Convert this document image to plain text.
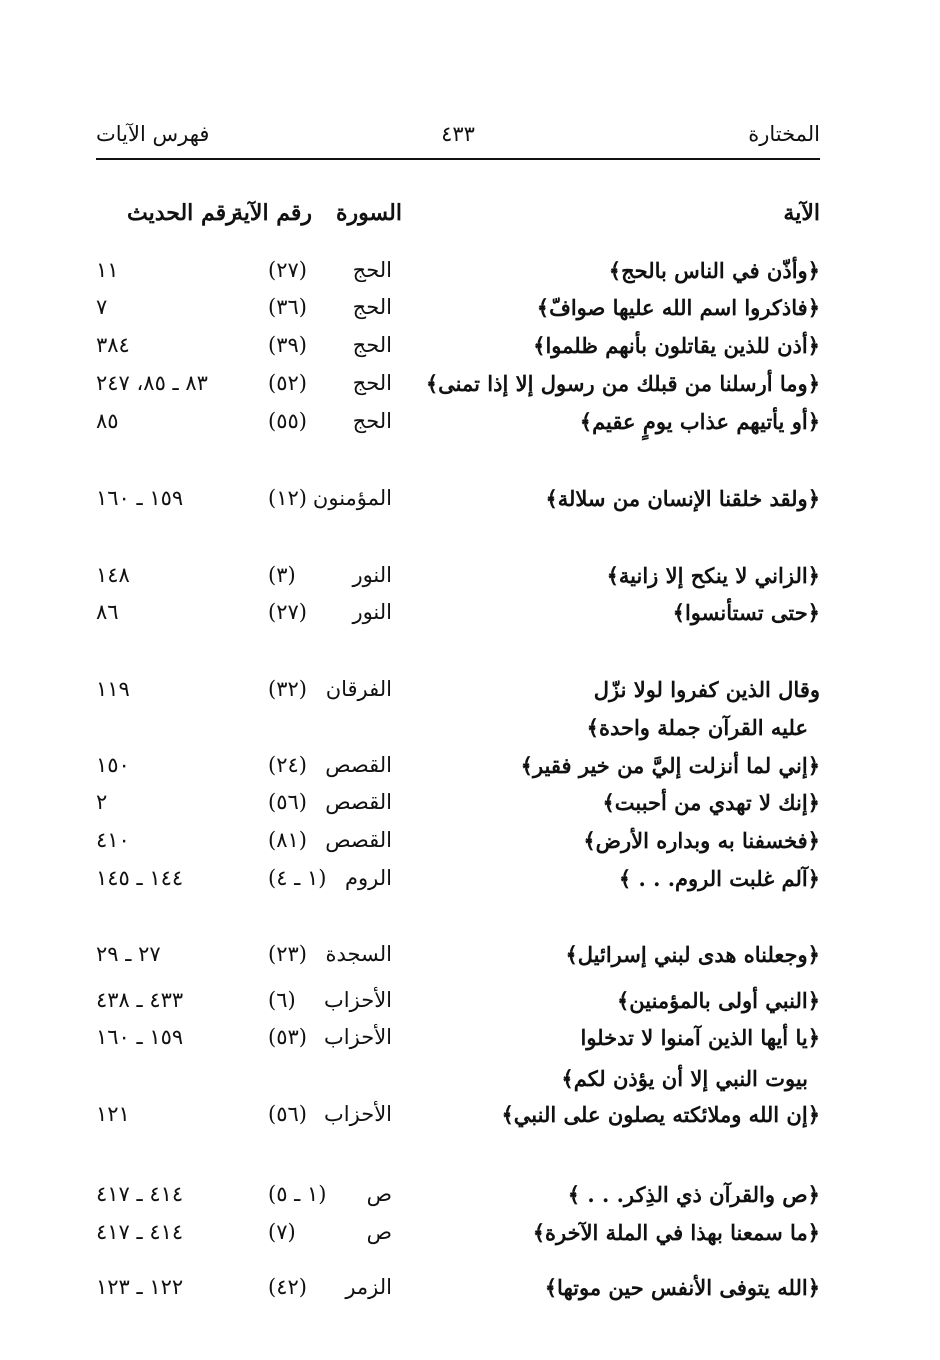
المختارة
٤٣٣
فهرس الآيات
الآية
السورة
رقم الآية
رقم الحديث
﴿وأذّن في الناس بالحج﴾
الحج
(٢٧)
١١
﴿فاذكروا اسم الله عليها صوافّ﴾
الحج
(٣٦)
٧
﴿أذن للذين يقاتلون بأنهم ظلموا﴾
الحج
(٣٩)
٣٨٤
﴿وما أرسلنا من قبلك من رسول إلا إذا تمنى﴾
الحج
(٥٢)
٨٣ ـ ٨٥، ٢٤٧
﴿أو يأتيهم عذاب يومٍ عقيم﴾
الحج
(٥٥)
٨٥
﴿ولقد خلقنا الإنسان من سلالة﴾
المؤمنون
(١٢)
١٥٩ ـ ١٦٠
﴿الزاني لا ينكح إلا زانية﴾
النور
(٣)
١٤٨
﴿حتى تستأنسوا﴾
النور
(٢٧)
٨٦
وقال الذين كفروا لولا نزّل
الفرقان
(٣٢)
١١٩
عليه القرآن جملة واحدة﴾
﴿إني لما أنزلت إليَّ من خير فقير﴾
القصص
(٢٤)
١٥٠
﴿إنك لا تهدي من أحببت﴾
القصص
(٥٦)
٢
﴿فخسفنا به وبداره الأرض﴾
القصص
(٨١)
٤١٠
﴿آلم غلبت الروم. . . ﴾
الروم
(١ ـ ٤)
١٤٤ ـ ١٤٥
﴿وجعلناه هدى لبني إسرائيل﴾
السجدة
(٢٣)
٢٧ ـ ٢٩
﴿النبي أولى بالمؤمنين﴾
الأحزاب
(٦)
٤٣٣ ـ ٤٣٨
﴿يا أيها الذين آمنوا لا تدخلوا
الأحزاب
(٥٣)
١٥٩ ـ ١٦٠
بيوت النبي إلا أن يؤذن لكم﴾
﴿إن الله وملائكته يصلون على النبي﴾
الأحزاب
(٥٦)
١٢١
﴿ص والقرآن ذي الذِكر. . . ﴾
ص
(١ ـ ٥)
٤١٤ ـ ٤١٧
﴿ما سمعنا بهذا في الملة الآخرة﴾
ص
(٧)
٤١٤ ـ ٤١٧
﴿الله يتوفى الأنفس حين موتها﴾
الزمر
(٤٢)
١٢٢ ـ ١٢٣
